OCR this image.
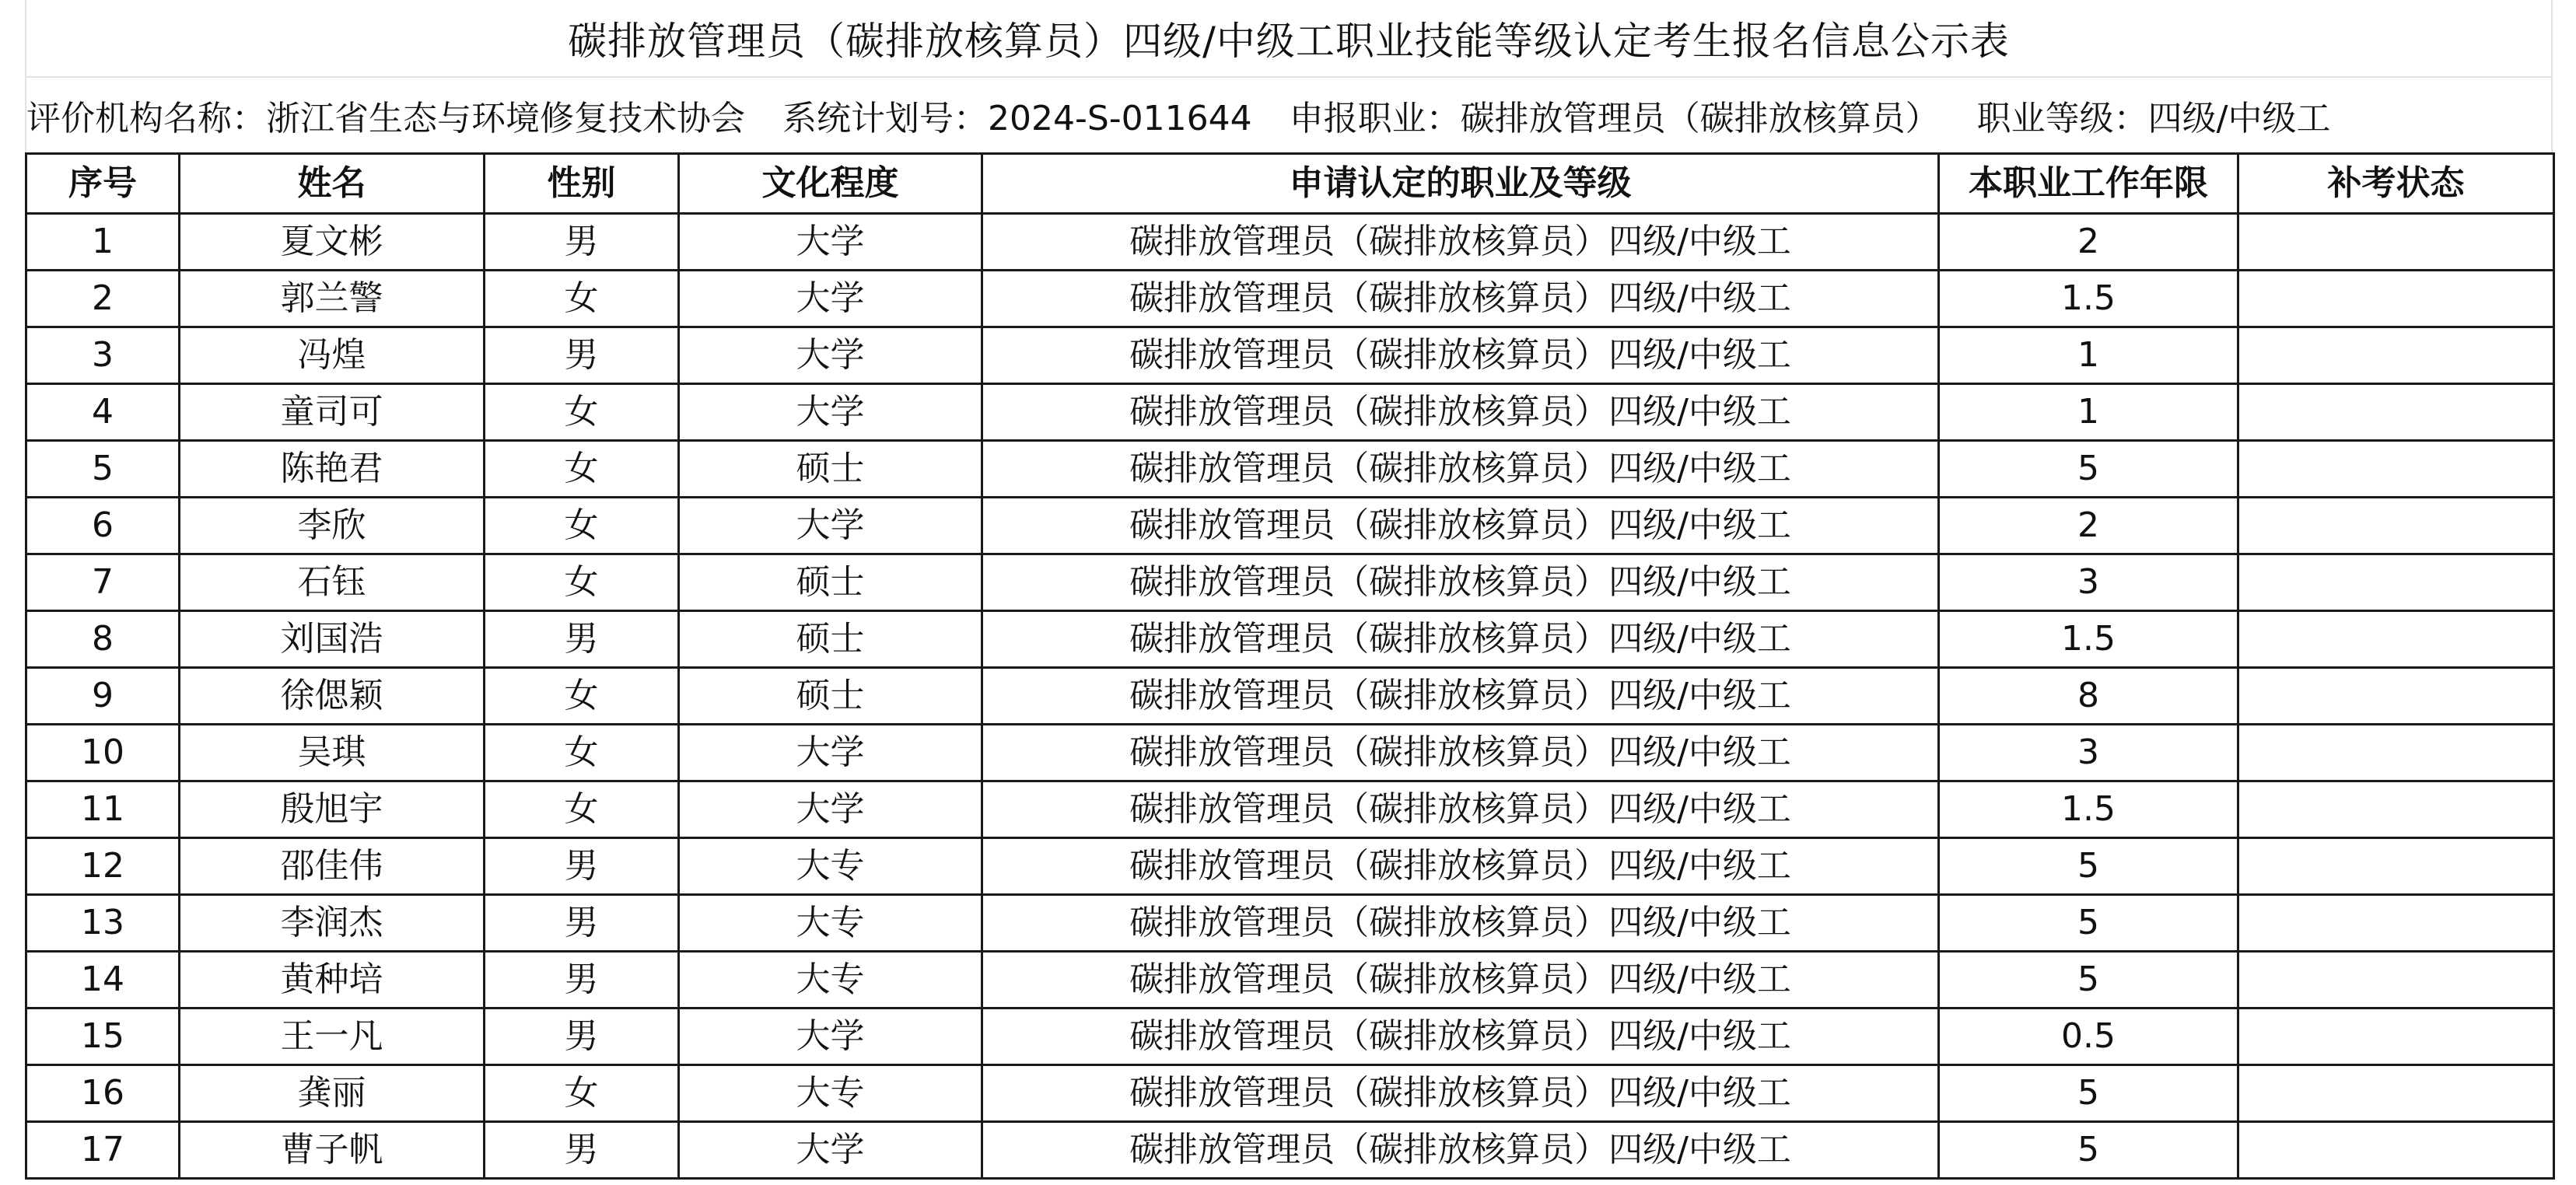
碳排放管理员（碳排放核算员）四级/中级工职业技能等级认定考生报名信息公示表
评价机构名称：浙江省生态与环境修复技术协会 系统计划号：2024-S-011644 申报职业：碳排放管理员（碳排放核算员） 职业等级：四级/中级工
序号	姓名	性别	文化程度	申请认定的职业及等级	本职业工作年限	补考状态
1	夏文彬	男	大学	碳排放管理员（碳排放核算员）四级/中级工	2	
2	郭兰警	女	大学	碳排放管理员（碳排放核算员）四级/中级工	1.5	
3	冯煌	男	大学	碳排放管理员（碳排放核算员）四级/中级工	1	
4	童司可	女	大学	碳排放管理员（碳排放核算员）四级/中级工	1	
5	陈艳君	女	硕士	碳排放管理员（碳排放核算员）四级/中级工	5	
6	李欣	女	大学	碳排放管理员（碳排放核算员）四级/中级工	2	
7	石钰	女	硕士	碳排放管理员（碳排放核算员）四级/中级工	3	
8	刘国浩	男	硕士	碳排放管理员（碳排放核算员）四级/中级工	1.5	
9	徐偲颖	女	硕士	碳排放管理员（碳排放核算员）四级/中级工	8	
10	吴琪	女	大学	碳排放管理员（碳排放核算员）四级/中级工	3	
11	殷旭宇	女	大学	碳排放管理员（碳排放核算员）四级/中级工	1.5	
12	邵佳伟	男	大专	碳排放管理员（碳排放核算员）四级/中级工	5	
13	李润杰	男	大专	碳排放管理员（碳排放核算员）四级/中级工	5	
14	黄种培	男	大专	碳排放管理员（碳排放核算员）四级/中级工	5	
15	王一凡	男	大学	碳排放管理员（碳排放核算员）四级/中级工	0.5	
16	龚丽	女	大专	碳排放管理员（碳排放核算员）四级/中级工	5	
17	曹子帆	男	大学	碳排放管理员（碳排放核算员）四级/中级工	5	
